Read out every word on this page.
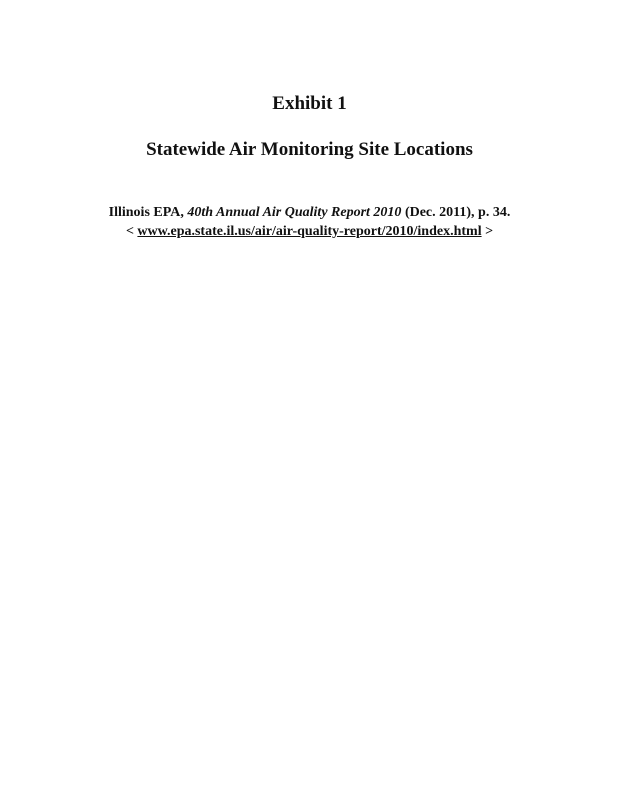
Exhibit 1
Statewide Air Monitoring Site Locations
Illinois EPA, 40th Annual Air Quality Report 2010 (Dec. 2011), p. 34.
< www.epa.state.il.us/air/air-quality-report/2010/index.html >
